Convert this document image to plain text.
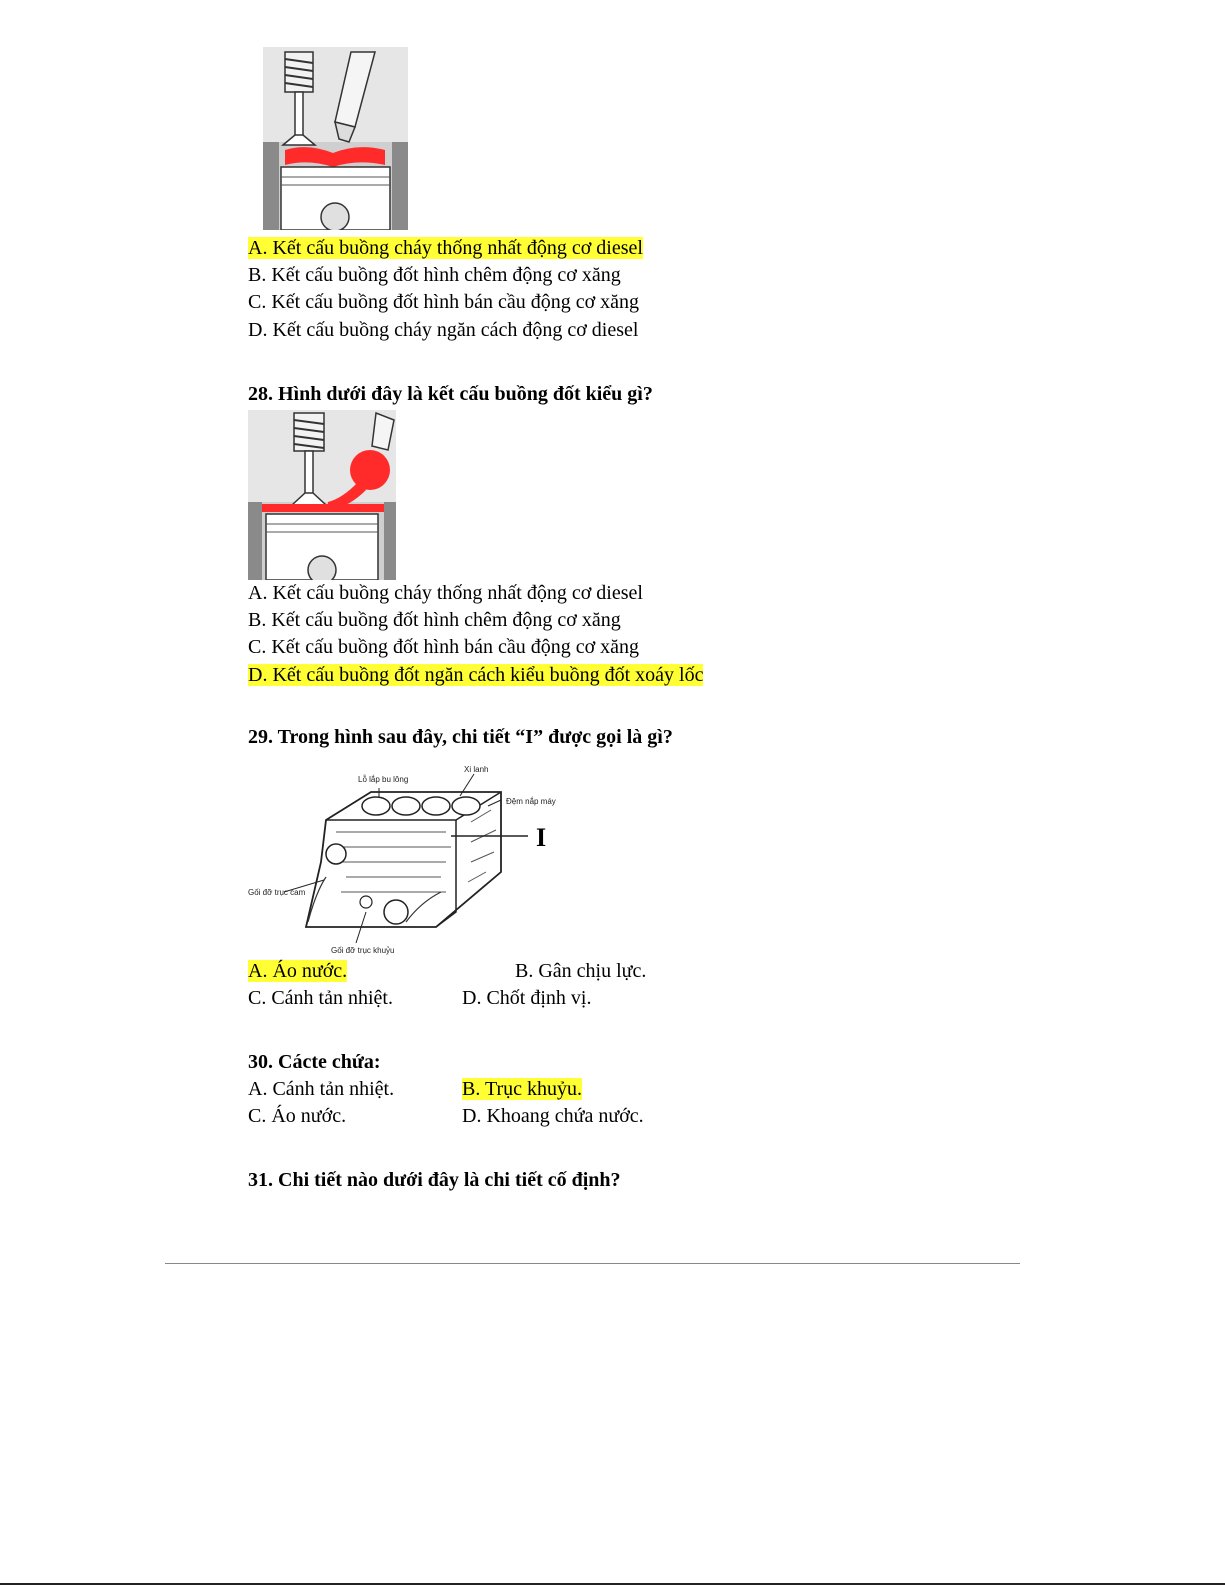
A. Kết cấu buồng cháy thống nhất động cơ diesel
B. Kết cấu buồng đốt hình chêm động cơ xăng
C. Kết cấu buồng đốt hình bán cầu động cơ xăng
D. Kết cấu buồng cháy ngăn cách động cơ diesel
28. Hình dưới đây là kết cấu buồng đốt kiểu gì?
A. Kết cấu buồng cháy thống nhất động cơ diesel
B. Kết cấu buồng đốt hình chêm động cơ xăng
C. Kết cấu buồng đốt hình bán cầu động cơ xăng
D. Kết cấu buồng đốt ngăn cách kiểu buồng đốt xoáy lốc
29. Trong hình sau đây, chi tiết “I” được gọi là gì?
Xi lanh
Lỗ lắp bu lông
Đệm nắp máy
I
Gối đỡ trục cam
Gối đỡ trục khuỷu
A. Áo nước.	B. Gân chịu lực.
C. Cánh tản nhiệt.	D. Chốt định vị.
30. Cácte chứa:
A. Cánh tản nhiệt.	B. Trục khuỷu.
C. Áo nước.	D. Khoang chứa nước.
31. Chi tiết nào dưới đây là chi tiết cố định?
